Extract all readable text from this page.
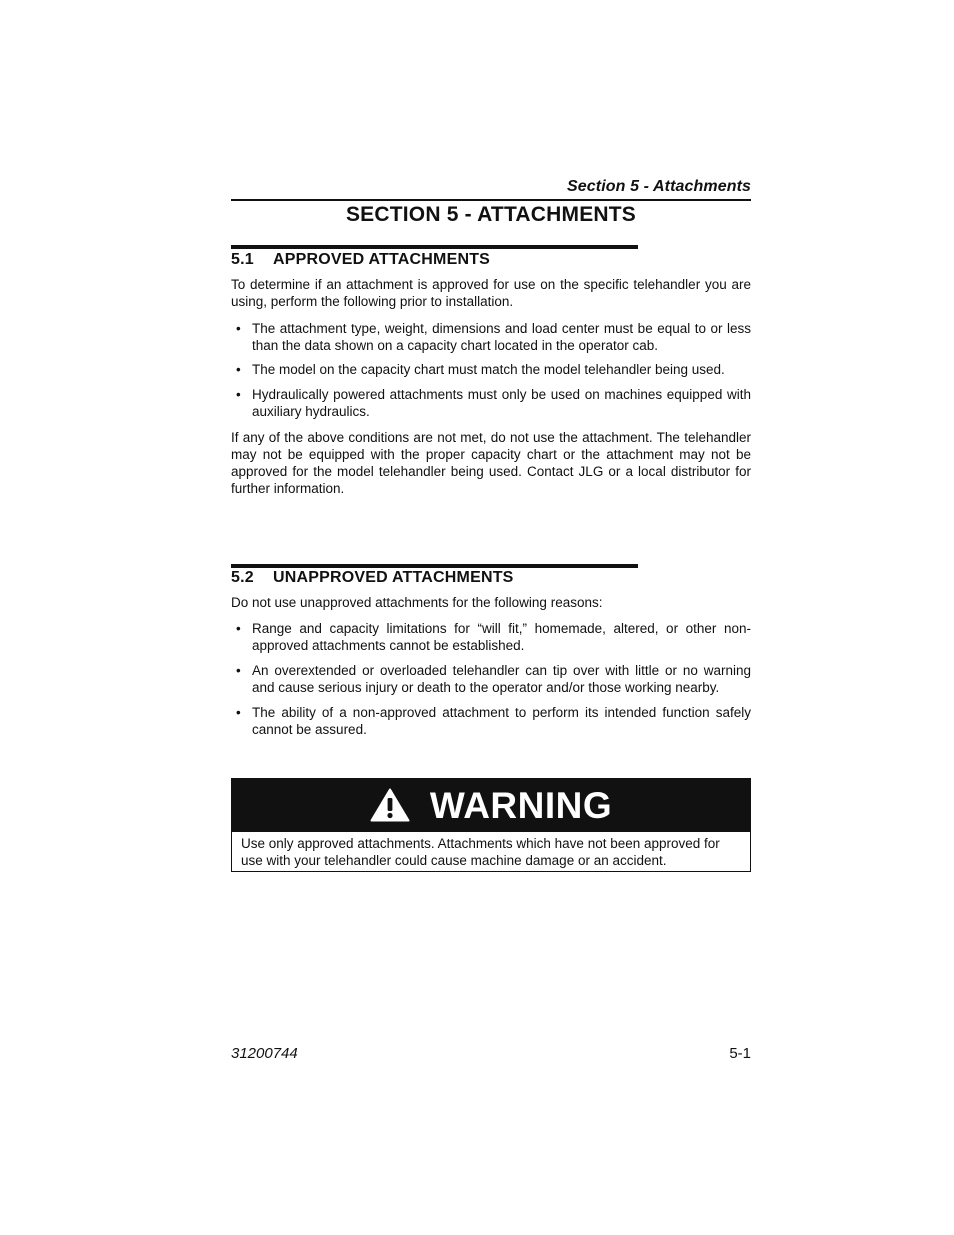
Section 5 - Attachments
SECTION 5 - ATTACHMENTS
5.1 APPROVED ATTACHMENTS

To determine if an attachment is approved for use on the specific telehandler you are using, perform the following prior to installation.

• The attachment type, weight, dimensions and load center must be equal to or less than the data shown on a capacity chart located in the operator cab.
• The model on the capacity chart must match the model telehandler being used.
• Hydraulically powered attachments must only be used on machines equipped with auxiliary hydraulics.

If any of the above conditions are not met, do not use the attachment. The telehandler may not be equipped with the proper capacity chart or the attachment may not be approved for the model telehandler being used. Contact JLG or a local distributor for further information.

5.2 UNAPPROVED ATTACHMENTS

Do not use unapproved attachments for the following reasons:

• Range and capacity limitations for “will fit,” homemade, altered, or other non-approved attachments cannot be established.
• An overextended or overloaded telehandler can tip over with little or no warning and cause serious injury or death to the operator and/or those working nearby.
• The ability of a non-approved attachment to perform its intended function safely cannot be assured.
WARNING
Use only approved attachments. Attachments which have not been approved for use with your telehandler could cause machine damage or an accident.
31200744	5-1
